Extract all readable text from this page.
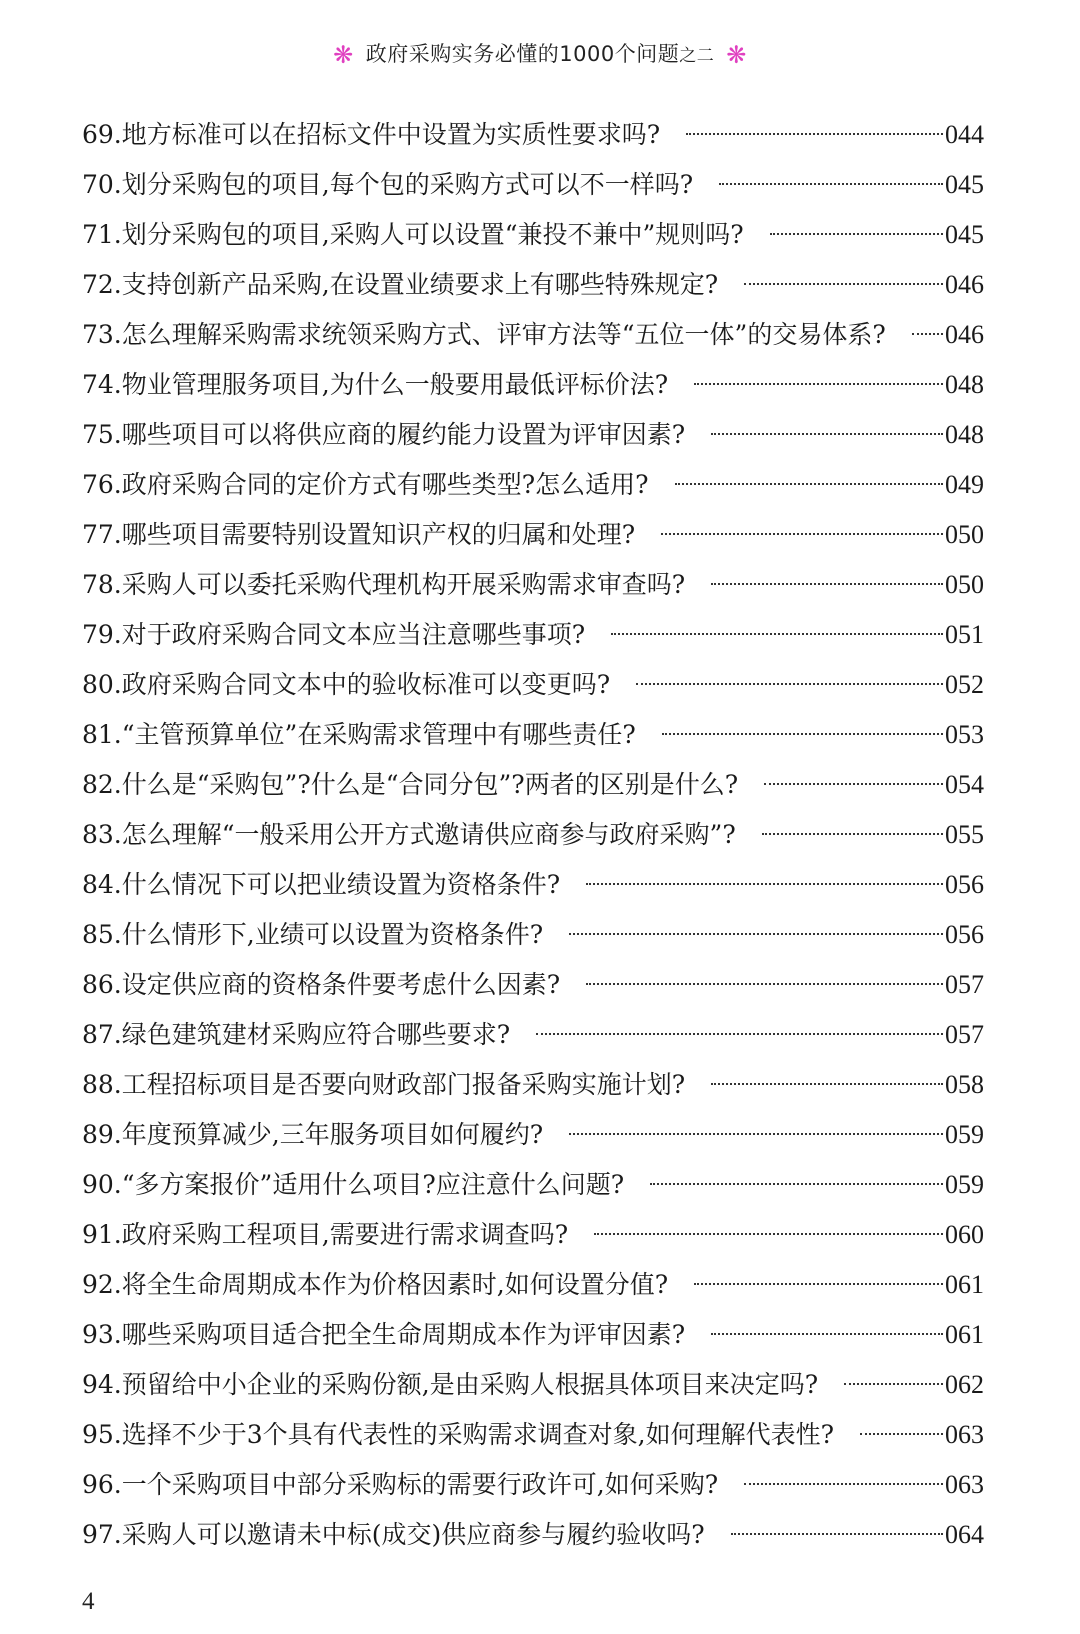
❋ 政府采购实务必懂的1000个问题之二 ❋
69. 地方标准可以在招标文件中设置为实质性要求吗?	044
70. 划分采购包的项目,每个包的采购方式可以不一样吗?	045
71. 划分采购包的项目,采购人可以设置“兼投不兼中”规则吗?	045
72. 支持创新产品采购,在设置业绩要求上有哪些特殊规定?	046
73. 怎么理解采购需求统领采购方式、评审方法等“五位一体”的交易体系? 046
74. 物业管理服务项目,为什么一般要用最低评标价法?	048
75. 哪些项目可以将供应商的履约能力设置为评审因素?	048
76. 政府采购合同的定价方式有哪些类型?怎么适用?	049
77. 哪些项目需要特别设置知识产权的归属和处理?	050
78. 采购人可以委托采购代理机构开展采购需求审查吗?	050
79. 对于政府采购合同文本应当注意哪些事项?	051
80. 政府采购合同文本中的验收标准可以变更吗?	052
81. “主管预算单位”在采购需求管理中有哪些责任?	053
82. 什么是“采购包”?什么是“合同分包”?两者的区别是什么?	054
83. 怎么理解“一般采用公开方式邀请供应商参与政府采购”?	055
84. 什么情况下可以把业绩设置为资格条件?	056
85. 什么情形下,业绩可以设置为资格条件?	056
86. 设定供应商的资格条件要考虑什么因素?	057
87. 绿色建筑建材采购应符合哪些要求?	057
88. 工程招标项目是否要向财政部门报备采购实施计划?	058
89. 年度预算减少,三年服务项目如何履约?	059
90. “多方案报价”适用什么项目?应注意什么问题?	059
91. 政府采购工程项目,需要进行需求调查吗?	060
92. 将全生命周期成本作为价格因素时,如何设置分值?	061
93. 哪些采购项目适合把全生命周期成本作为评审因素?	061
94. 预留给中小企业的采购份额,是由采购人根据具体项目来决定吗?	062
95. 选择不少于3个具有代表性的采购需求调查对象,如何理解代表性?	063
96. 一个采购项目中部分采购标的需要行政许可,如何采购?	063
97. 采购人可以邀请未中标(成交)供应商参与履约验收吗?	064
4
